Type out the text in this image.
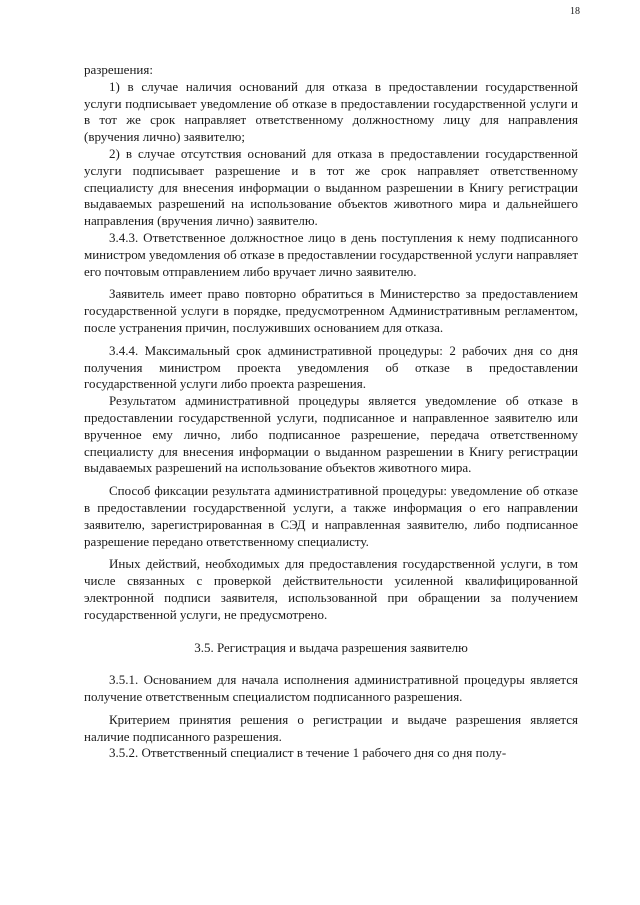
18

разрешения:

1) в случае наличия оснований для отказа в предоставлении государственной услуги подписывает уведомление об отказе в предоставлении государственной услуги и в тот же срок направляет ответственному должностному лицу для направления (вручения лично) заявителю;

2) в случае отсутствия оснований для отказа в предоставлении государственной услуги подписывает разрешение и в тот же срок направляет ответственному специалисту для внесения информации о выданном разрешении в Книгу регистрации выдаваемых разрешений на использование объектов животного мира и дальнейшего направления (вручения лично) заявителю.

3.4.3. Ответственное должностное лицо в день поступления к нему подписанного министром уведомления об отказе в предоставлении государственной услуги направляет его почтовым отправлением либо вручает лично заявителю.

Заявитель имеет право повторно обратиться в Министерство за предоставлением государственной услуги в порядке, предусмотренном Административным регламентом, после устранения причин, послуживших основанием для отказа.

3.4.4. Максимальный срок административной процедуры: 2 рабочих дня со дня получения министром проекта уведомления об отказе в предоставлении государственной услуги либо проекта разрешения.

Результатом административной процедуры является уведомление об отказе в предоставлении государственной услуги, подписанное и направленное заявителю или врученное ему лично, либо подписанное разрешение, передача ответственному специалисту для внесения информации о выданном разрешении в Книгу регистрации выдаваемых разрешений на использование объектов животного мира.

Способ фиксации результата административной процедуры: уведомление об отказе в предоставлении государственной услуги, а также информация о его направлении заявителю, зарегистрированная в СЭД и направленная заявителю, либо подписанное разрешение передано ответственному специалисту.

Иных действий, необходимых для предоставления государственной услуги, в том числе связанных с проверкой действительности усиленной квалифицированной электронной подписи заявителя, использованной при обращении за получением государственной услуги, не предусмотрено.

3.5. Регистрация и выдача разрешения заявителю

3.5.1. Основанием для начала исполнения административной процедуры является получение ответственным специалистом подписанного разрешения.

Критерием принятия решения о регистрации и выдаче разрешения является наличие подписанного разрешения.

3.5.2. Ответственный специалист в течение 1 рабочего дня со дня полу-
